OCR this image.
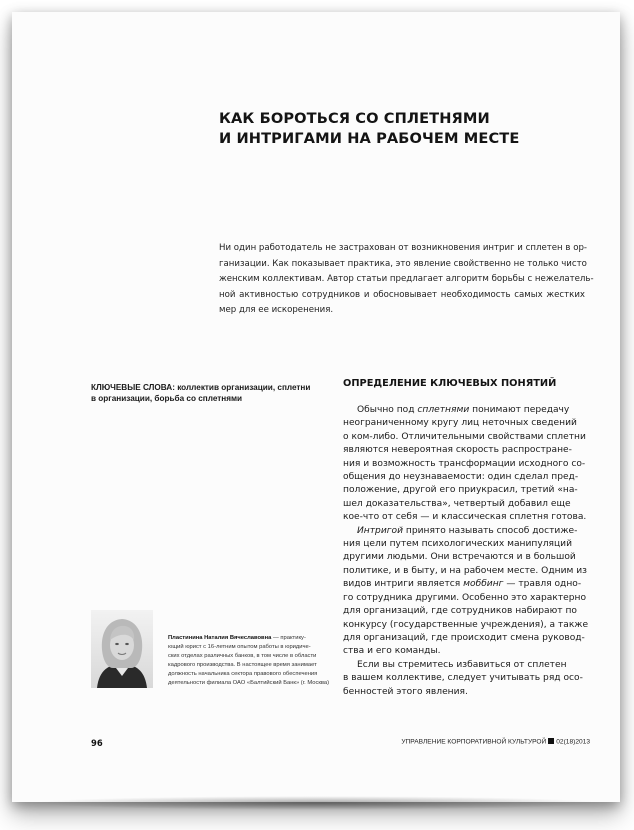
КАК БОРОТЬСЯ СО СПЛЕТНЯМИ
И ИНТРИГАМИ НА РАБОЧЕМ МЕСТЕ

Ни один работодатель не застрахован от возникновения интриг и сплетен в ор-
ганизации. Как показывает практика, это явление свойственно не только чисто
женским коллективам. Автор статьи предлагает алгоритм борьбы с нежелатель-
ной активностью сотрудников и обосновывает необходимость самых жестких
мер для ее искоренения.

КЛЮЧЕВЫЕ СЛОВА: коллектив организации, сплетни
в организации, борьба со сплетнями

ОПРЕДЕЛЕНИЕ КЛЮЧЕВЫХ ПОНЯТИЙ
Обычно под сплетнями понимают передачу
неограниченному кругу лиц неточных сведений
о ком-либо. Отличительными свойствами сплетни
являются невероятная скорость распростране-
ния и возможность трансформации исходного со-
общения до неузнаваемости: один сделал пред-
положение, другой его приукрасил, третий «на-
шел доказательства», четвертый добавил еще
кое-что от себя — и классическая сплетня готова.
Интригой принято называть способ достиже-
ния цели путем психологических манипуляций
другими людьми. Они встречаются и в большой
политике, и в быту, и на рабочем месте. Одним из
видов интриги является моббинг — травля одно-
го сотрудника другими. Особенно это характерно
для организаций, где сотрудников набирают по
конкурсу (государственные учреждения), а также
для организаций, где происходит смена руковод-
ства и его команды.
Если вы стремитесь избавиться от сплетен
в вашем коллективе, следует учитывать ряд осо-
бенностей этого явления.

Пластинина Наталия Вячеславовна — практику-
ющий юрист с 16-летним опытом работы в юридиче-
ских отделах различных банков, в том числе в области
кадрового производства. В настоящее время занимает
должность начальника сектора правового обеспечения
деятельности филиала ОАО «Балтийский Банк» (г. Москва)

96	УПРАВЛЕНИЕ КОРПОРАТИВНОЙ КУЛЬТУРОЙ 02(18)2013
